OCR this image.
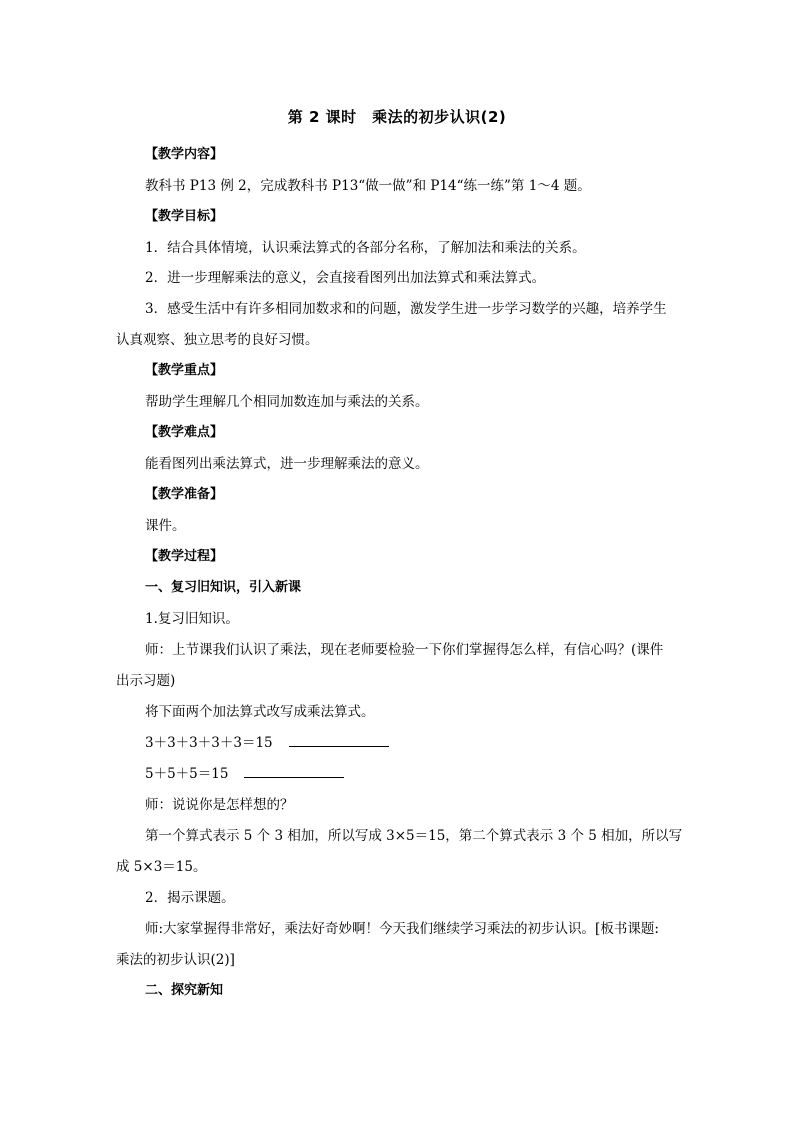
第 2 课时　乘法的初步认识(2)
【教学内容】
教科书 P13 例 2，完成教科书 P13“做一做”和 P14“练一练”第 1～4 题。
【教学目标】
1．结合具体情境，认识乘法算式的各部分名称，了解加法和乘法的关系。
2．进一步理解乘法的意义，会直接看图列出加法算式和乘法算式。
3．感受生活中有许多相同加数求和的问题，激发学生进一步学习数学的兴趣，培养学生
认真观察、独立思考的良好习惯。
【教学重点】
帮助学生理解几个相同加数连加与乘法的关系。
【教学难点】
能看图列出乘法算式，进一步理解乘法的意义。
【教学准备】
课件。
【教学过程】
一、复习旧知识，引入新课
1.复习旧知识。
师：上节课我们认识了乘法，现在老师要检验一下你们掌握得怎么样，有信心吗？(课件
出示习题)
将下面两个加法算式改写成乘法算式。
3＋3＋3＋3＋3＝15
5＋5＋5＝15
师：说说你是怎样想的？
第一个算式表示 5 个 3 相加，所以写成 3×5＝15，第二个算式表示 3 个 5 相加，所以写
成 5×3＝15。
2．揭示课题。
师:大家掌握得非常好，乘法好奇妙啊！今天我们继续学习乘法的初步认识。[板书课题:
乘法的初步认识(2)]
二、探究新知
